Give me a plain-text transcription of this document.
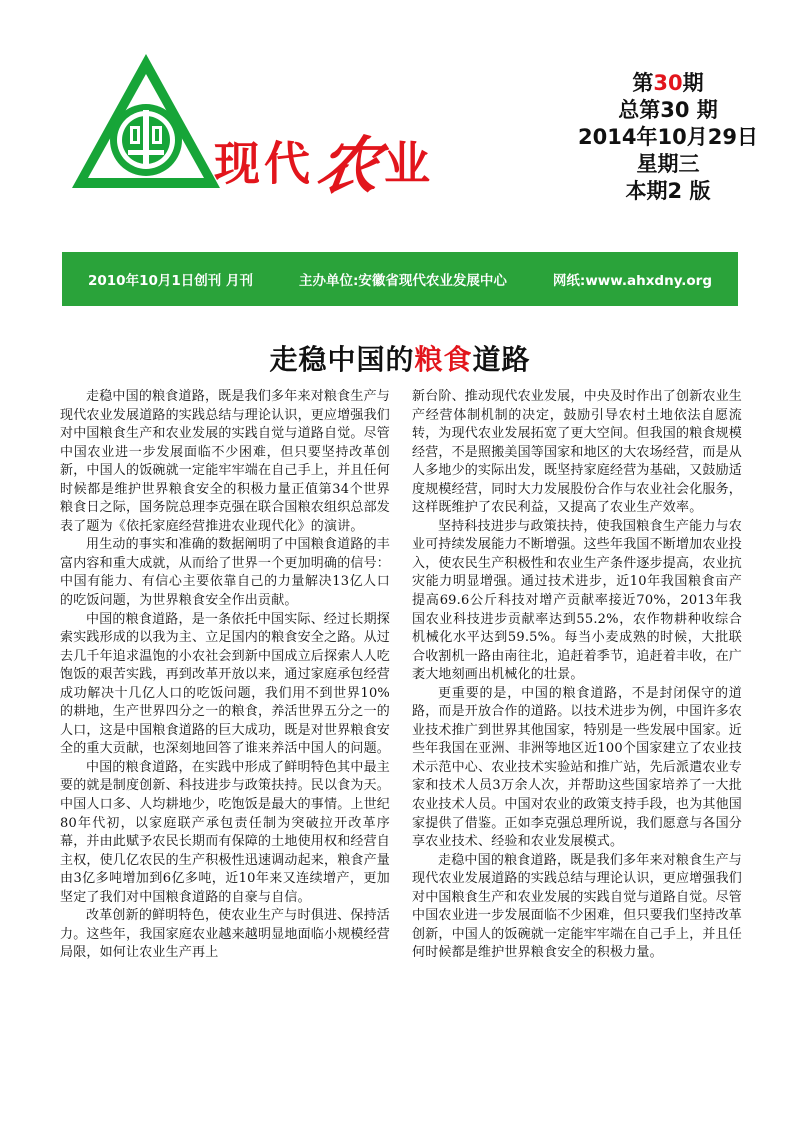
现代农业
第30期
总第30 期
2014年10月29日
星期三
本期2 版
2010年10月1日创刊 月刊	主办单位:安徽省现代农业发展中心	网纸:www.ahxdny.org
走稳中国的粮食道路

走稳中国的粮食道路，既是我们多年来对粮食生产与现代农业发展道路的实践总结与理论认识，更应增强我们对中国粮食生产和农业发展的实践自觉与道路自觉。尽管中国农业进一步发展面临不少困难，但只要坚持改革创新，中国人的饭碗就一定能牢牢端在自己手上，并且任何时候都是维护世界粮食安全的积极力量正值第34个世界粮食日之际，国务院总理李克强在联合国粮农组织总部发表了题为《依托家庭经营推进农业现代化》的演讲。

用生动的事实和准确的数据阐明了中国粮食道路的丰富内容和重大成就，从而给了世界一个更加明确的信号：中国有能力、有信心主要依靠自己的力量解决13亿人口的吃饭问题，为世界粮食安全作出贡献。

中国的粮食道路，是一条依托中国实际、经过长期探索实践形成的以我为主、立足国内的粮食安全之路。从过去几千年追求温饱的小农社会到新中国成立后探索人人吃饱饭的艰苦实践，再到改革开放以来，通过家庭承包经营成功解决十几亿人口的吃饭问题，我们用不到世界10%的耕地，生产世界四分之一的粮食，养活世界五分之一的人口，这是中国粮食道路的巨大成功，既是对世界粮食安全的重大贡献，也深刻地回答了谁来养活中国人的问题。

中国的粮食道路，在实践中形成了鲜明特色其中最主要的就是制度创新、科技进步与政策扶持。民以食为天。中国人口多、人均耕地少，吃饱饭是最大的事情。上世纪80年代初，以家庭联产承包责任制为突破拉开改革序幕，并由此赋予农民长期而有保障的土地使用权和经营自主权，使几亿农民的生产积极性迅速调动起来，粮食产量由3亿多吨增加到6亿多吨，近10年来又连续增产，更加坚定了我们对中国粮食道路的自豪与自信。

改革创新的鲜明特色，使农业生产与时俱进、保持活力。这些年，我国家庭农业越来越明显地面临小规模经营局限，如何让农业生产再上

新台阶、推动现代农业发展，中央及时作出了创新农业生产经营体制机制的决定，鼓励引导农村土地依法自愿流转，为现代农业发展拓宽了更大空间。但我国的粮食规模经营，不是照搬美国等国家和地区的大农场经营，而是从人多地少的实际出发，既坚持家庭经营为基础，又鼓励适度规模经营，同时大力发展股份合作与农业社会化服务，这样既维护了农民利益，又提高了农业生产效率。

坚持科技进步与政策扶持，使我国粮食生产能力与农业可持续发展能力不断增强。这些年我国不断增加农业投入，使农民生产积极性和农业生产条件逐步提高，农业抗灾能力明显增强。通过技术进步，近10年我国粮食亩产提高69.6公斤科技对增产贡献率接近70%，2013年我国农业科技进步贡献率达到55.2%，农作物耕种收综合机械化水平达到59.5%。每当小麦成熟的时候，大批联合收割机一路由南往北，追赶着季节，追赶着丰收，在广袤大地刻画出机械化的壮景。

更重要的是，中国的粮食道路，不是封闭保守的道路，而是开放合作的道路。以技术进步为例，中国许多农业技术推广到世界其他国家，特别是一些发展中国家。近些年我国在亚洲、非洲等地区近100个国家建立了农业技术示范中心、农业技术实验站和推广站，先后派遣农业专家和技术人员3万余人次，并帮助这些国家培养了一大批农业技术人员。中国对农业的政策支持手段，也为其他国家提供了借鉴。正如李克强总理所说，我们愿意与各国分享农业技术、经验和农业发展模式。

走稳中国的粮食道路，既是我们多年来对粮食生产与现代农业发展道路的实践总结与理论认识，更应增强我们对中国粮食生产和农业发展的实践自觉与道路自觉。尽管中国农业进一步发展面临不少困难，但只要我们坚持改革创新，中国人的饭碗就一定能牢牢端在自己手上，并且任何时候都是维护世界粮食安全的积极力量。
